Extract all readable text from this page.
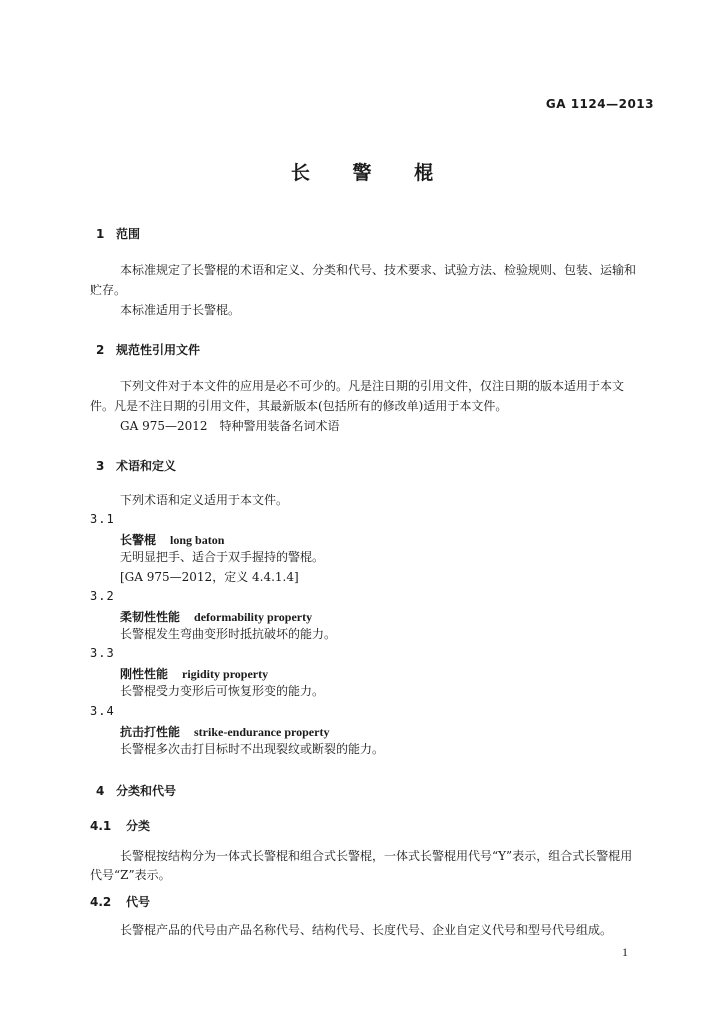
GA 1124—2013
长 警 棍
1 范围
本标准规定了长警棍的术语和定义、分类和代号、技术要求、试验方法、检验规则、包装、运输和
贮存。
本标准适用于长警棍。
2 规范性引用文件
下列文件对于本文件的应用是必不可少的。凡是注日期的引用文件，仅注日期的版本适用于本文
件。凡是不注日期的引用文件，其最新版本(包括所有的修改单)适用于本文件。
GA 975—2012　特种警用装备名词术语
3 术语和定义
下列术语和定义适用于本文件。
3.1
长警棍 long baton
无明显把手、适合于双手握持的警棍。
[GA 975—2012，定义 4.4.1.4]
3.2
柔韧性性能 deformability property
长警棍发生弯曲变形时抵抗破坏的能力。
3.3
刚性性能 rigidity property
长警棍受力变形后可恢复形变的能力。
3.4
抗击打性能 strike-endurance property
长警棍多次击打目标时不出现裂纹或断裂的能力。
4 分类和代号
4.1 分类
长警棍按结构分为一体式长警棍和组合式长警棍，一体式长警棍用代号“Y”表示，组合式长警棍用
代号“Z”表示。
4.2 代号
长警棍产品的代号由产品名称代号、结构代号、长度代号、企业自定义代号和型号代号组成。
1
